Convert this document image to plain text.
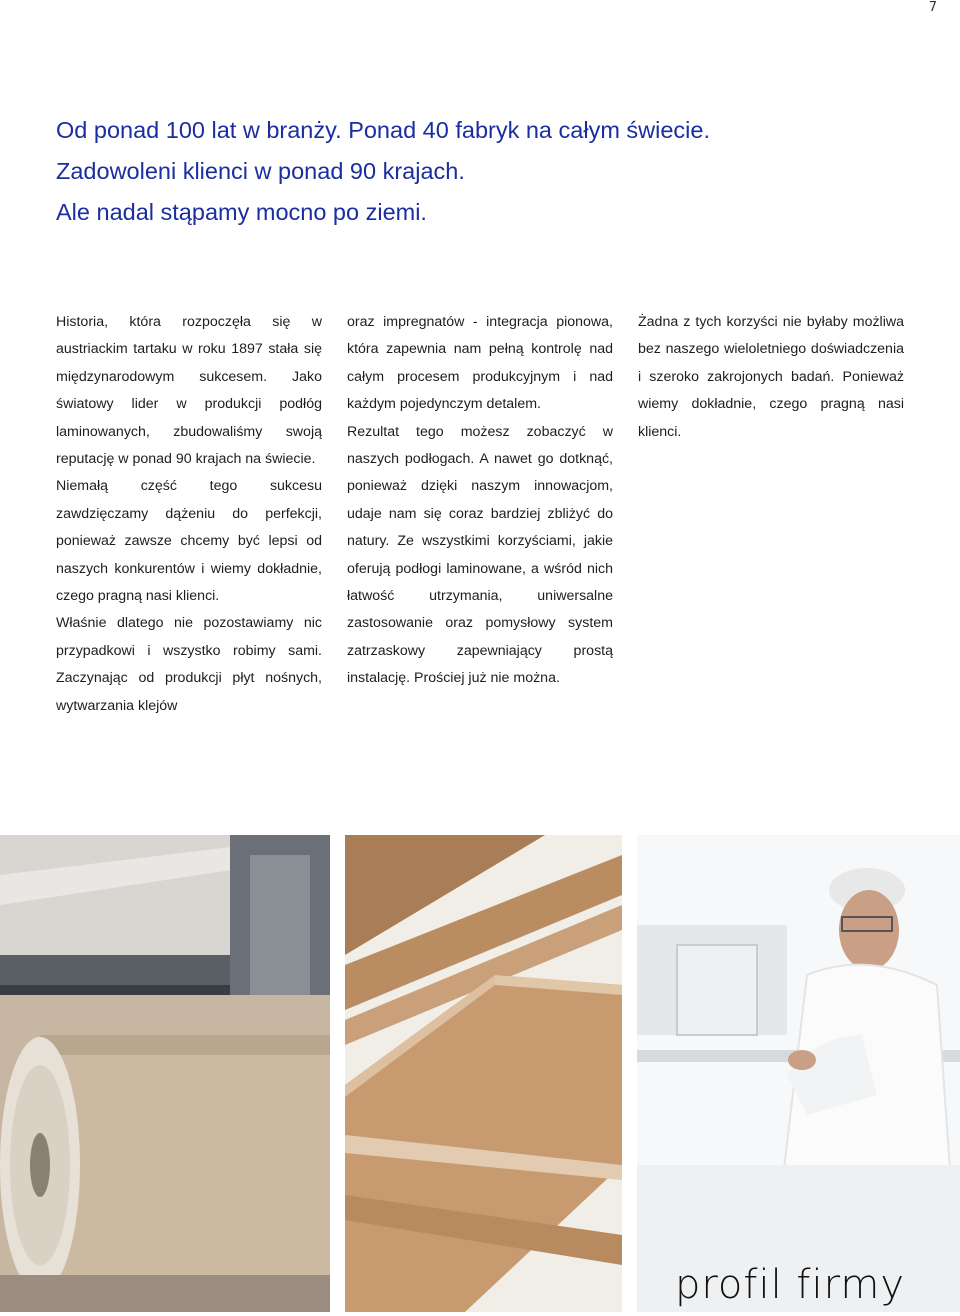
7
Od ponad 100 lat w branży. Ponad 40 fabryk na całym świecie.
Zadowoleni klienci w ponad 90 krajach.
Ale nadal stąpamy mocno po ziemi.

Historia, która rozpoczęła się w austriackim tartaku w roku 1897 stała się międzynarodowym sukcesem. Jako światowy lider w produkcji podłóg laminowanych, zbudowaliśmy swoją reputację w ponad 90 krajach na świecie.

Niemałą część tego sukcesu zawdzięczamy dążeniu do perfekcji, ponieważ zawsze chcemy być lepsi od naszych konkurentów i wiemy dokładnie, czego pragną nasi klienci.

Właśnie dlatego nie pozostawiamy nic przypadkowi i wszystko robimy sami. Zaczynając od produkcji płyt nośnych, wytwarzania klejów

oraz impregnatów - integracja pionowa, która zapewnia nam pełną kontrolę nad całym procesem produkcyjnym i nad każdym pojedynczym detalem.

Rezultat tego możesz zobaczyć w naszych podłogach. A nawet go dotknąć, ponieważ dzięki naszym innowacjom, udaje nam się coraz bardziej zbliżyć do natury. Ze wszystkimi korzyściami, jakie oferują podłogi laminowane, a wśród nich łatwość utrzymania, uniwersalne zastosowanie oraz pomysłowy system zatrzaskowy zapewniający prostą instalację. Prościej już nie można.

Żadna z tych korzyści nie byłaby możliwa bez naszego wieloletniego doświadczenia i szeroko zakrojonych badań. Ponieważ wiemy dokładnie, czego pragną nasi klienci.

profil firmy
